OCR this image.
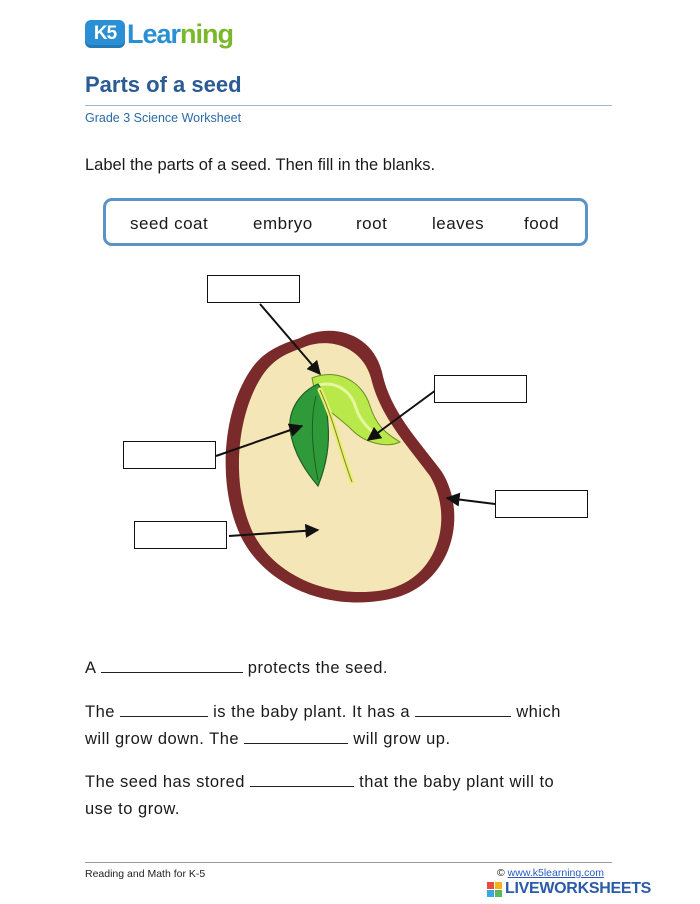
K5 Learning
Parts of a seed
Grade 3 Science Worksheet
Label the parts of a seed. Then fill in the blanks.
seed coat	embryo	root	leaves food
A	protects the seed.
The	is the baby plant. It has a	which
will grow down. The	will grow up.
The seed has stored	that the baby plant will to
use to grow.
Reading and Math for K-5	© www.k5learning.com
LIVEWORKSHEETS
